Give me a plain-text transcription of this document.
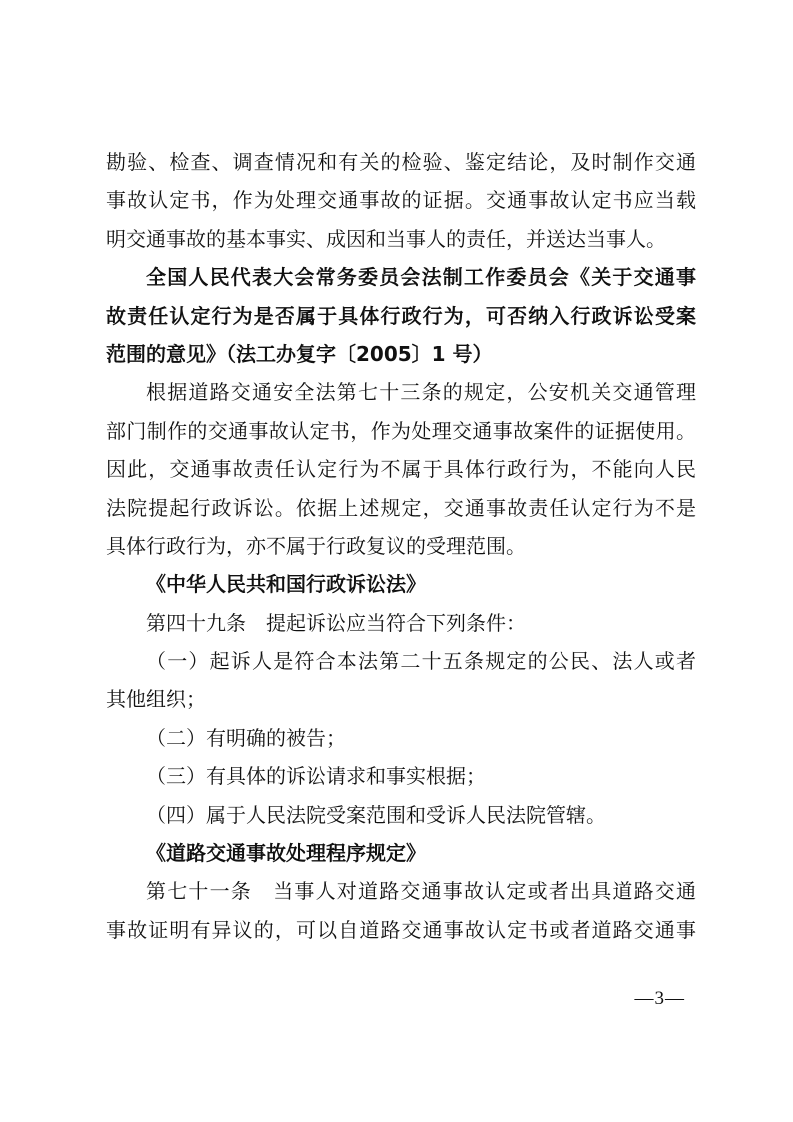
勘验、检查、调查情况和有关的检验、鉴定结论，及时制作交通
事故认定书，作为处理交通事故的证据。交通事故认定书应当载
明交通事故的基本事实、成因和当事人的责任，并送达当事人。
全国人民代表大会常务委员会法制工作委员会《关于交通事
故责任认定行为是否属于具体行政行为，可否纳入行政诉讼受案
范围的意见》（法工办复字〔2005〕1 号）
根据道路交通安全法第七十三条的规定，公安机关交通管理
部门制作的交通事故认定书，作为处理交通事故案件的证据使用。
因此，交通事故责任认定行为不属于具体行政行为，不能向人民
法院提起行政诉讼。依据上述规定，交通事故责任认定行为不是
具体行政行为，亦不属于行政复议的受理范围。
《中华人民共和国行政诉讼法》
第四十九条　提起诉讼应当符合下列条件：
（一）起诉人是符合本法第二十五条规定的公民、法人或者
其他组织；
（二）有明确的被告；
（三）有具体的诉讼请求和事实根据；
（四）属于人民法院受案范围和受诉人民法院管辖。
《道路交通事故处理程序规定》
第七十一条　当事人对道路交通事故认定或者出具道路交通
事故证明有异议的，可以自道路交通事故认定书或者道路交通事
—3—
